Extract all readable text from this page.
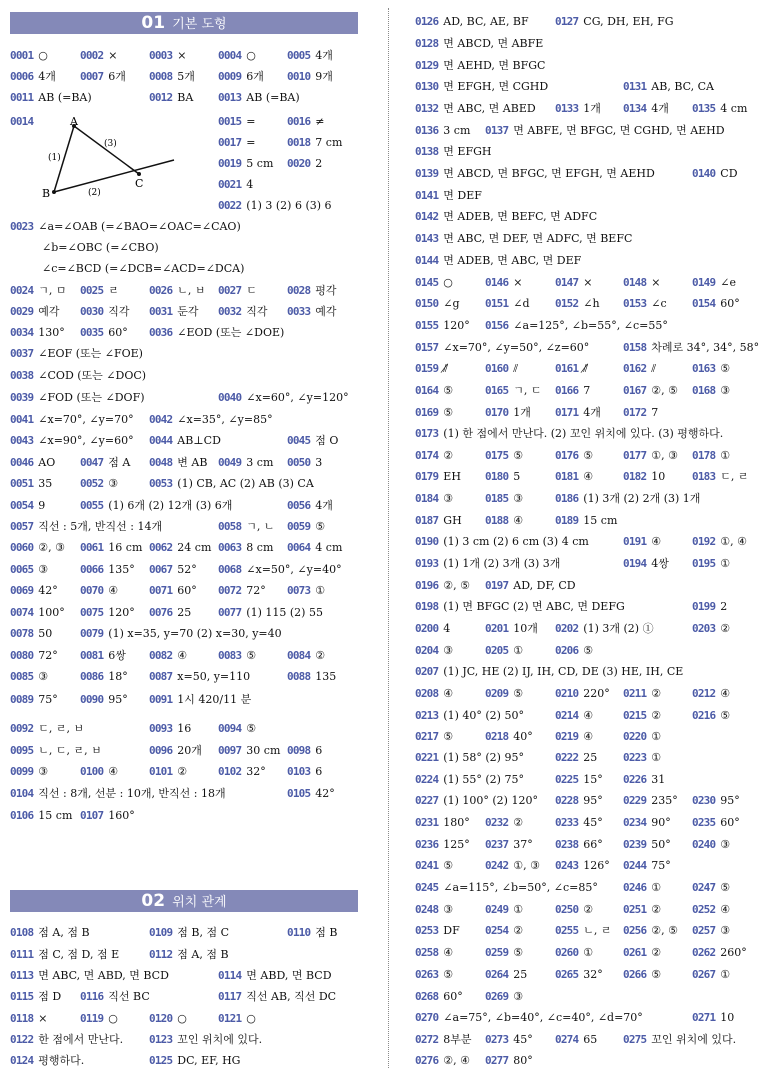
01 기본 도형
0001 ○	0002 ×	0003 ×	0004 ○	0005 4개
0006 4개 0007 6개 0008 5개 0009 6개 0010 9개
0011 AB (=BA)	0012 BA 0013 AB (=BA)
0014	0015 =	0016 ≠
0017 =	0018 7 cm
0019 5 cm 0020 2
0021 4
0022 (1) 3 (2) 6 (3) 6
0023 ∠a=∠OAB (=∠BAO=∠OAC=∠CAO)
∠b=∠OBC (=∠CBO)
∠c=∠BCD (=∠DCB=∠ACD=∠DCA)
0024 ㄱ, ㅁ 0025 ㄹ	0026 ㄴ, ㅂ 0027 ㄷ	0028 평각
0029 예각 0030 직각 0031 둔각 0032 직각 0033 예각
0034 130° 0035 60° 0036 ∠EOD (또는 ∠DOE)
0037 ∠EOF (또는 ∠FOE)
0038 ∠COD (또는 ∠DOC)
0039 ∠FOD (또는 ∠DOF)	0040 ∠x=60°, ∠y=120°
0041 ∠x=70°, ∠y=70° 0042 ∠x=35°, ∠y=85°
0043 ∠x=90°, ∠y=60° 0044 AB⊥CD	0045 점 O
0046 AO 0047 점 A 0048 변 AB 0049 3 cm 0050 3
0051 35	0052 ③	0053 (1) CB, AC (2) AB (3) CA
0054 9	0055 (1) 6개 (2) 12개 (3) 6개	0056 4개
0057 직선 : 5개, 반직선 : 14개	0058 ㄱ, ㄴ 0059 ⑤
0060 ②, ③ 0061 16 cm 0062 24 cm 0063 8 cm 0064 4 cm
0065 ③	0066 135° 0067 52° 0068 ∠x=50°, ∠y=40°
0069 42° 0070 ④	0071 60° 0072 72° 0073 ①
0074 100° 0075 120° 0076 25 0077 (1) 115 (2) 55
0078 50	0079 (1) x=35, y=70 (2) x=30, y=40
0080 72° 0081 6쌍 0082 ④	0083 ⑤	0084 ②
0085 ③	0086 18° 0087 x=50, y=110	0088 135
0089 75° 0090 95° 0091 1시 420/11 분
0092 ㄷ, ㄹ, ㅂ	0093 16 0094 ⑤
0095 ㄴ, ㄷ, ㄹ, ㅂ	0096 20개 0097 30 cm 0098 6
0099 ③	0100 ④	0101 ②	0102 32° 0103 6
0104 직선 : 8개, 선분 : 10개, 반직선 : 18개	0105 42°
0106 15 cm 0107 160°
A
B
C
(1)
(2)
(3)
02 위치 관계
0108 점 A, 점 B	0109 점 B, 점 C	0110 점 B
0111 점 C, 점 D, 점 E	0112 점 A, 점 B
0113 면 ABC, 면 ABD, 면 BCD	0114 면 ABD, 면 BCD
0115 점 D 0116 직선 BC	0117 직선 AB, 직선 DC
0118 ×	0119 ○	0120 ○	0121 ○
0122 한 점에서 만난다. 0123 꼬인 위치에 있다.
0124 평행하다.	0125 DC, EF, HG
0126 AD, BC, AE, BF 0127 CG, DH, EH, FG
0128 면 ABCD, 면 ABFE
0129 면 AEHD, 면 BFGC
0130 면 EFGH, 면 CGHD	0131 AB, BC, CA
0132 면 ABC, 면 ABED 0133 1개 0134 4개 0135 4 cm
0136 3 cm 0137 면 ABFE, 면 BFGC, 면 CGHD, 면 AEHD
0138 면 EFGH
0139 면 ABCD, 면 BFGC, 면 EFGH, 면 AEHD	0140 CD
0141 면 DEF
0142 면 ADEB, 면 BEFC, 면 ADFC
0143 면 ABC, 면 DEF, 면 ADFC, 면 BEFC
0144 면 ADEB, 면 ABC, 면 DEF
0145 ○	0146 ×	0147 ×	0148 ×	0149 ∠e
0150 ∠g 0151 ∠d 0152 ∠h 0153 ∠c 0154 60°
0155 120° 0156 ∠a=125°, ∠b=55°, ∠c=55°
0157 ∠x=70°, ∠y=50°, ∠z=60°	0158 차례로 34°, 34°, 58°
0159 ⫽̸	0160 ⫽	0161 ⫽̸	0162 ⫽	0163 ⑤
0164 ⑤	0165 ㄱ, ㄷ 0166 7	0167 ②, ⑤ 0168 ③
0169 ⑤	0170 1개 0171 4개 0172 7
0173 (1) 한 점에서 만난다. (2) 꼬인 위치에 있다. (3) 평행하다.
0174 ②	0175 ⑤	0176 ⑤	0177 ①, ③ 0178 ①
0179 EH 0180 5	0181 ④	0182 10 0183 ㄷ, ㄹ
0184 ③	0185 ③	0186 (1) 3개 (2) 2개 (3) 1개
0187 GH 0188 ④	0189 15 cm
0190 (1) 3 cm (2) 6 cm (3) 4 cm	0191 ④	0192 ①, ④
0193 (1) 1개 (2) 3개 (3) 3개	0194 4쌍 0195 ①
0196 ②, ⑤ 0197 AD, DF, CD
0198 (1) 면 BFGC (2) 면 ABC, 면 DEFG	0199 2
0200 4	0201 10개 0202 (1) 3개 (2) ①	0203 ②
0204 ③	0205 ①	0206 ⑤
0207 (1) JC, HE (2) IJ, IH, CD, DE (3) HE, IH, CE
0208 ④	0209 ⑤	0210 220° 0211 ②	0212 ④
0213 (1) 40° (2) 50°	0214 ④	0215 ②	0216 ⑤
0217 ⑤	0218 40° 0219 ④	0220 ①
0221 (1) 58° (2) 95°	0222 25 0223 ①
0224 (1) 55° (2) 75°	0225 15° 0226 31
0227 (1) 100° (2) 120° 0228 95° 0229 235° 0230 95°
0231 180° 0232 ②	0233 45° 0234 90° 0235 60°
0236 125° 0237 37° 0238 66° 0239 50° 0240 ③
0241 ⑤	0242 ①, ③ 0243 126° 0244 75°
0245 ∠a=115°, ∠b=50°, ∠c=85° 0246 ①	0247 ⑤
0248 ③	0249 ①	0250 ②	0251 ②	0252 ④
0253 DF 0254 ②	0255 ㄴ, ㄹ 0256 ②, ⑤ 0257 ③
0258 ④	0259 ⑤	0260 ①	0261 ②	0262 260°
0263 ⑤	0264 25	0265 32° 0266 ⑤	0267 ①
0268 60° 0269 ③
0270 ∠a=75°, ∠b=40°, ∠c=40°, ∠d=70°	0271 10
0272 8부분 0273 45° 0274 65 0275 꼬인 위치에 있다.
0276 ②, ④ 0277 80°
